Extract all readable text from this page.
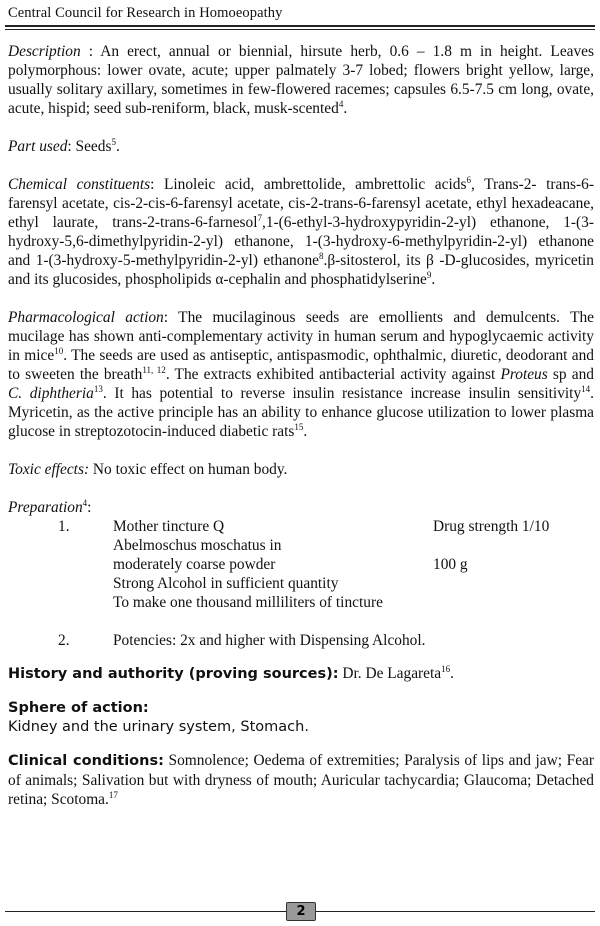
Central Council for Research in Homoeopathy

Description : An erect, annual or biennial, hirsute herb, 0.6 – 1.8 m in height. Leaves polymorphous: lower ovate, acute; upper palmately 3-7 lobed; flowers bright yellow, large, usually solitary axillary, sometimes in few-flowered racemes; capsules 6.5-7.5 cm long, ovate, acute, hispid; seed sub-reniform, black, musk-scented$^4$.

Part used: Seeds$^5$.

Chemical constituents: Linoleic acid, ambrettolide, ambrettolic acids$^6$, Trans-2- trans-6-farensyl acetate, cis-2-cis-6-farensyl acetate, cis-2-trans-6-farensyl acetate, ethyl hexadeacane, ethyl laurate, trans-2-trans-6-farnesol$^7$,1-(6-ethyl-3-hydroxypyridin-2-yl) ethanone, 1-(3-hydroxy-5,6-dimethylpyridin-2-yl) ethanone, 1-(3-hydroxy-6-methylpyridin-2-yl) ethanone and 1-(3-hydroxy-5-methylpyridin-2-yl) ethanone$^8$.β-sitosterol, its β -D-glucosides, myricetin and its glucosides, phospholipids α-cephalin and phosphatidylserine$^9$.

Pharmacological action: The mucilaginous seeds are emollients and demulcents. The mucilage has shown anti-complementary activity in human serum and hypoglycaemic activity in mice$^{10}$. The seeds are used as antiseptic, antispasmodic, ophthalmic, diuretic, deodorant and to sweeten the breath$^{11, 12}$. The extracts exhibited antibacterial activity against Proteus sp and C. diphtheria$^{13}$. It has potential to reverse insulin resistance increase insulin sensitivity$^{14}$. Myricetin, as the active principle has an ability to enhance glucose utilization to lower plasma glucose in streptozotocin-induced diabetic rats$^{15}$.

Toxic effects: No toxic effect on human body.

Preparation$^4$:

1.	Mother tincture Q	Drug strength 1/10
Abelmoschus moschatus in
moderately coarse powder	100 g
Strong Alcohol in sufficient quantity
To make one thousand milliliters of tincture
2.	Potencies: 2x and higher with Dispensing Alcohol.

History and authority (proving sources): Dr. De Lagareta$^{16}$.

Sphere of action:

Kidney and the urinary system, Stomach.

Clinical conditions: Somnolence; Oedema of extremities; Paralysis of lips and jaw; Fear of animals; Salivation but with dryness of mouth; Auricular tachycardia; Glaucoma; Detached retina; Scotoma.$^{17}$

2
